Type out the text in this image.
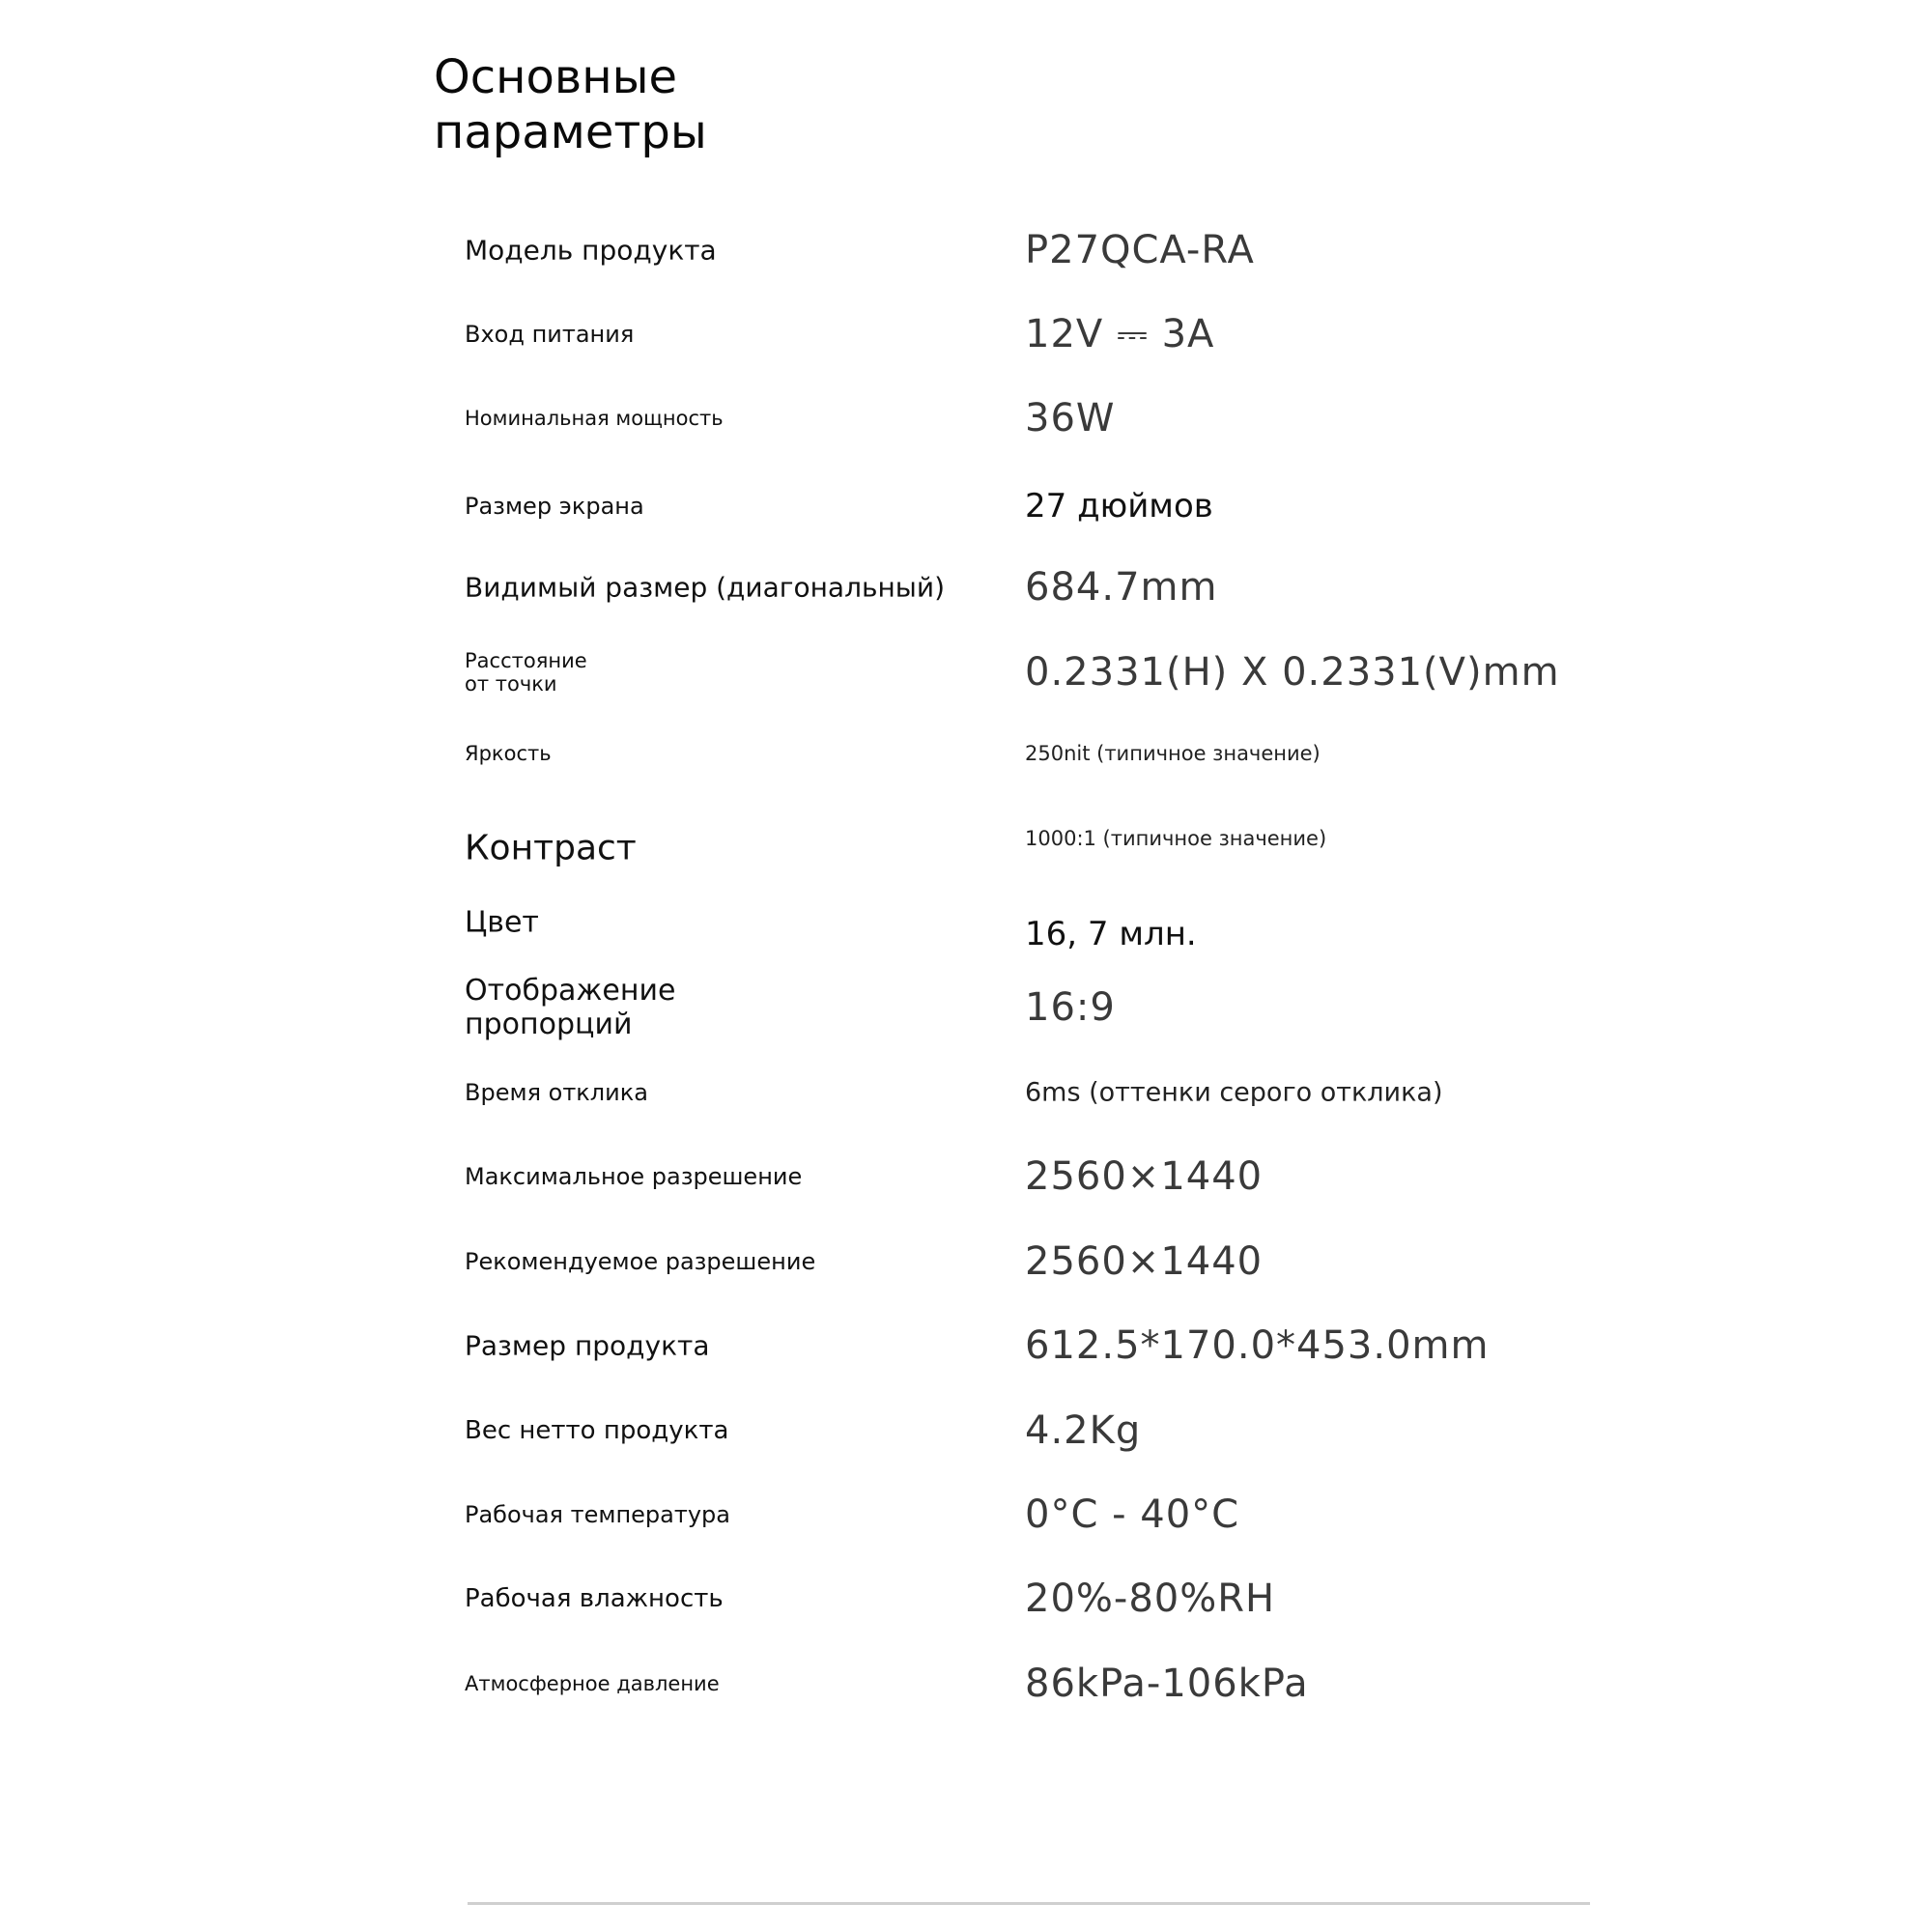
Основные
параметры
Модель продукта	P27QCA-RA
Вход питания	12V ⎓ 3A
Номинальная мощность	36W
Размер экрана	27 дюймов
Видимый размер (диагональный) 684.7mm
Расстояние
от точки	0.2331(H) X 0.2331(V)mm
Яркость	250nit (типичное значение)
Контраст	1000:1 (типичное значение)
Цвет	16, 7 млн.
Отображение
пропорций	16:9
Время отклика	6ms (оттенки серого отклика)
Максимальное разрешение	2560×1440
Рекомендуемое разрешение	2560×1440
Размер продукта	612.5*170.0*453.0mm
Вес нетто продукта	4.2Kg
Рабочая температура	0°C - 40°C
Рабочая влажность	20%-80%RH
Атмосферное давление	86kPa-106kPa
